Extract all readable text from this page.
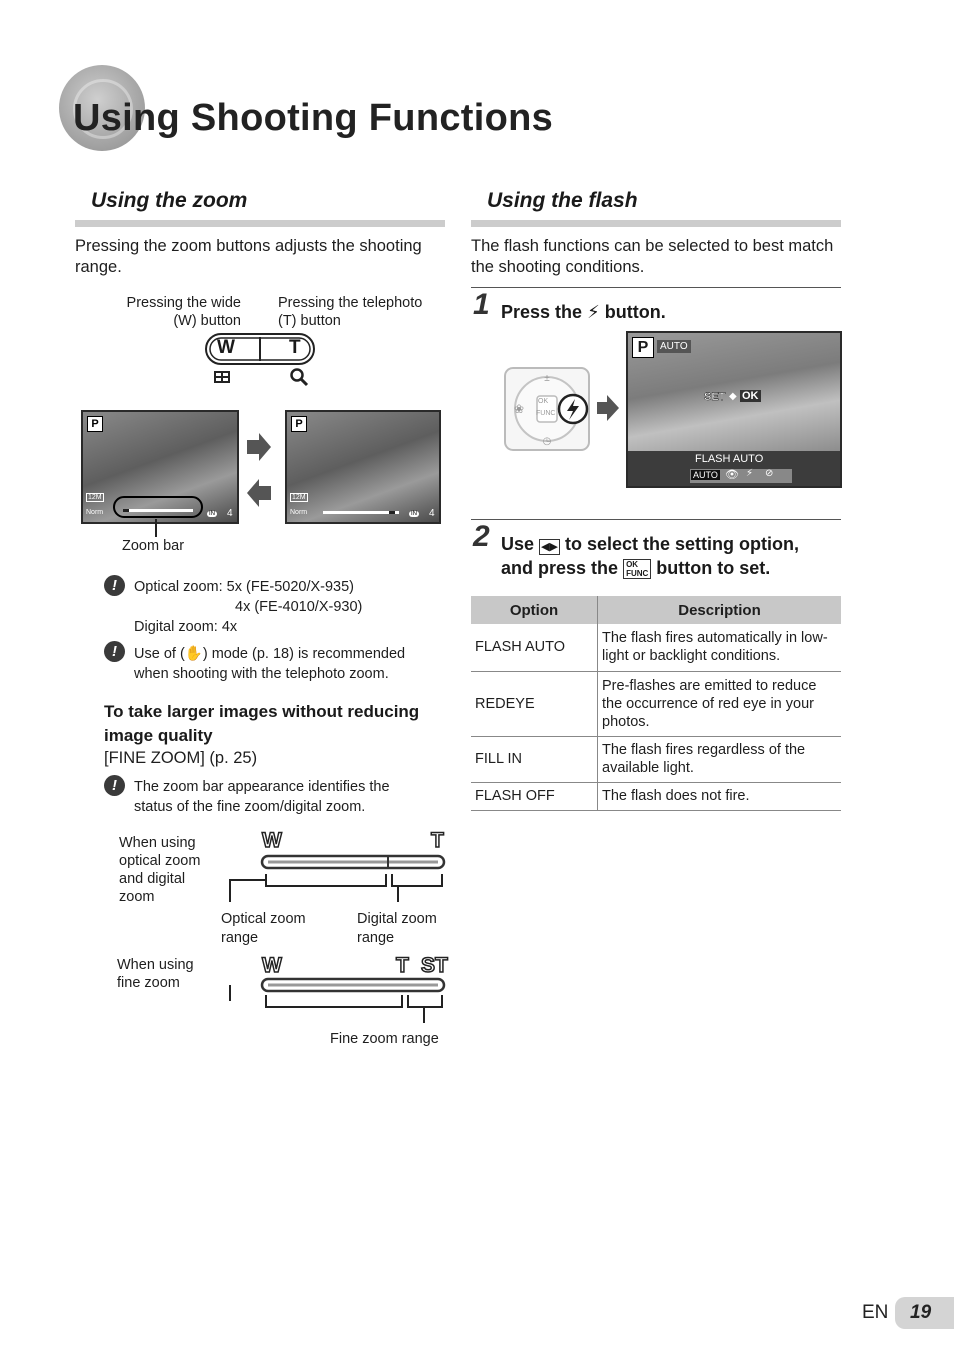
Using Shooting Functions
Using the zoom
Pressing the zoom buttons adjusts the shooting range.
Pressing the wide
(W) button
Pressing the telephoto
(T) button
W	T
P
12M
Norm	IN 4
P
12M
Norm	IN 4
Zoom bar
!	Optical zoom: 5x (FE-5020/X-935)
4x (FE-4010/X-930)
Digital zoom: 4x
!	Use of (✋) mode (p. 18) is recommended
when shooting with the telephoto zoom.
To take larger images without reducing image quality
[FINE ZOOM] (p. 25)
!	The zoom bar appearance identifies the
status of the fine zoom/digital zoom.
When using
optical zoom
and digital
zoom
W	T
Optical zoom
range
Digital zoom
range
When using
fine zoom
W	T ST
Fine zoom range
Using the flash
The flash functions can be selected to best match the shooting conditions.
1 Press the ⚡ button.
±
◷
❀
OK
FUNC
P	AUTO
SET ◆ OK
FLASH AUTO
AUTO 👁 ⚡ ⊘
2 Use ◀▶ to select the setting option,
and press the OK
FUNC button to set.
Option	Description
FLASH AUTO	The flash fires automatically in low-light or backlight conditions.
REDEYE	Pre-flashes are emitted to reduce the occurrence of red eye in your photos.
FILL IN	The flash fires regardless of the available light.
FLASH OFF	The flash does not fire.
EN 19
